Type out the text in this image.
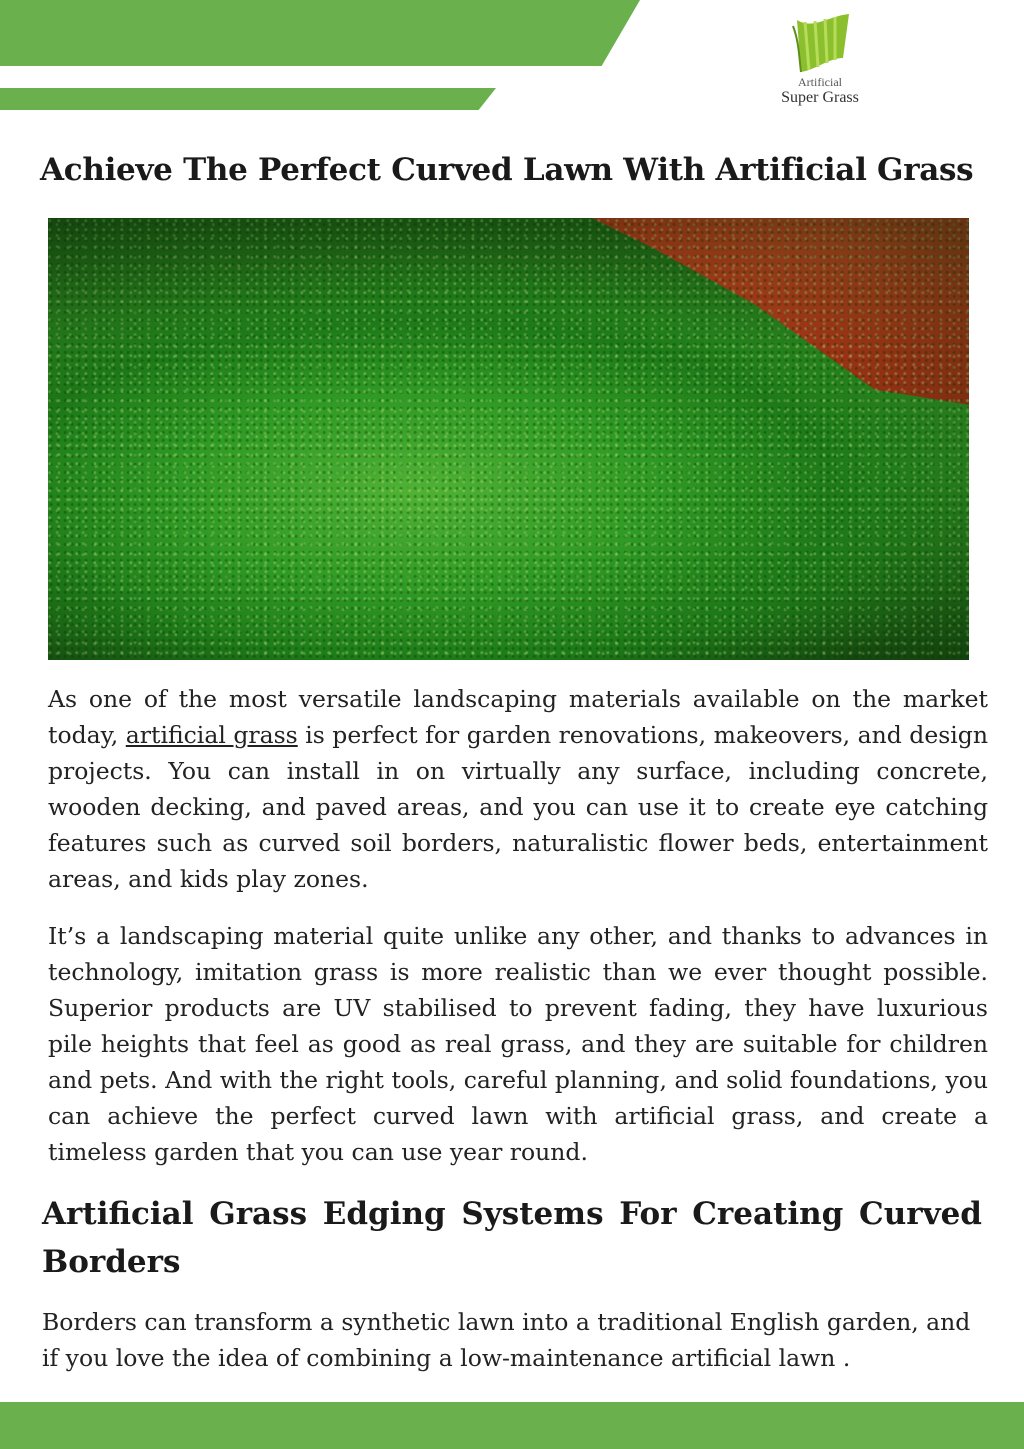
Artificial
Super Grass
Achieve The Perfect Curved Lawn With Artificial Grass

As one of the most versatile landscaping materials available on the market today, artificial grass is perfect for garden renovations, makeovers, and design projects. You can install in on virtually any surface, including concrete, wooden decking, and paved areas, and you can use it to create eye catching features such as curved soil borders, naturalistic flower beds, entertainment areas, and kids play zones.

It’s a landscaping material quite unlike any other, and thanks to advances in technology, imitation grass is more realistic than we ever thought possible. Superior products are UV stabilised to prevent fading, they have luxurious pile heights that feel as good as real grass, and they are suitable for children and pets. And with the right tools, careful planning, and solid foundations, you can achieve the perfect curved lawn with artificial grass, and create a timeless garden that you can use year round.

Artificial Grass Edging Systems For Creating Curved Borders

Borders can transform a synthetic lawn into a traditional English garden, and if you love the idea of combining a low-maintenance artificial lawn .
